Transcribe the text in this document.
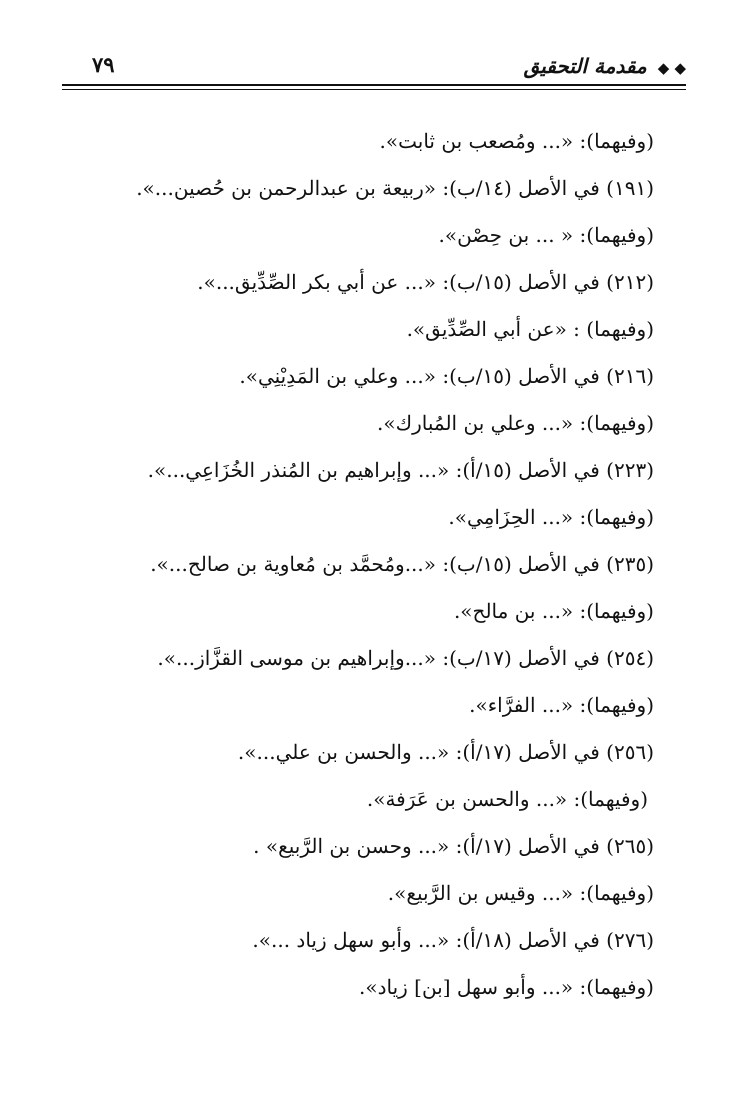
◆ ◆ مقدمة التحقيق
٧٩
(وفيهما): «... ومُصعب بن ثابت».
(١٩١) في الأصل (١٤/ب): «ربيعة بن عبدالرحمن بن حُصين...».
(وفيهما): « ... بن حِصْن».
(٢١٢) في الأصل (١٥/ب): «... عن أبي بكر الصِّدِّيق...».
(وفيهما) : «عن أبي الصِّدِّيق».
(٢١٦) في الأصل (١٥/ب): «... وعلي بن المَدِيْنِي».
(وفيهما): «... وعلي بن المُبارك».
(٢٢٣) في الأصل (١٥/أ): «... وإبراهيم بن المُنذر الخُزَاعِي...».
(وفيهما): «... الحِزَامِي».
(٢٣٥) في الأصل (١٥/ب): «...ومُحمَّد بن مُعاوية بن صالح...».
(وفيهما): «... بن مالح».
(٢٥٤) في الأصل (١٧/ب): «...وإبراهيم بن موسى القزَّاز...».
(وفيهما): «... الفرَّاء».
(٢٥٦) في الأصل (١٧/أ): «... والحسن بن علي...».
(وفيهما): «... والحسن بن عَرَفة».
(٢٦٥) في الأصل (١٧/أ): «... وحسن بن الرَّبيع» .
(وفيهما): «... وقيس بن الرَّبيع».
(٢٧٦) في الأصل (١٨/أ): «... وأبو سهل زياد ...».
(وفيهما): «... وأبو سهل [بن] زياد».
